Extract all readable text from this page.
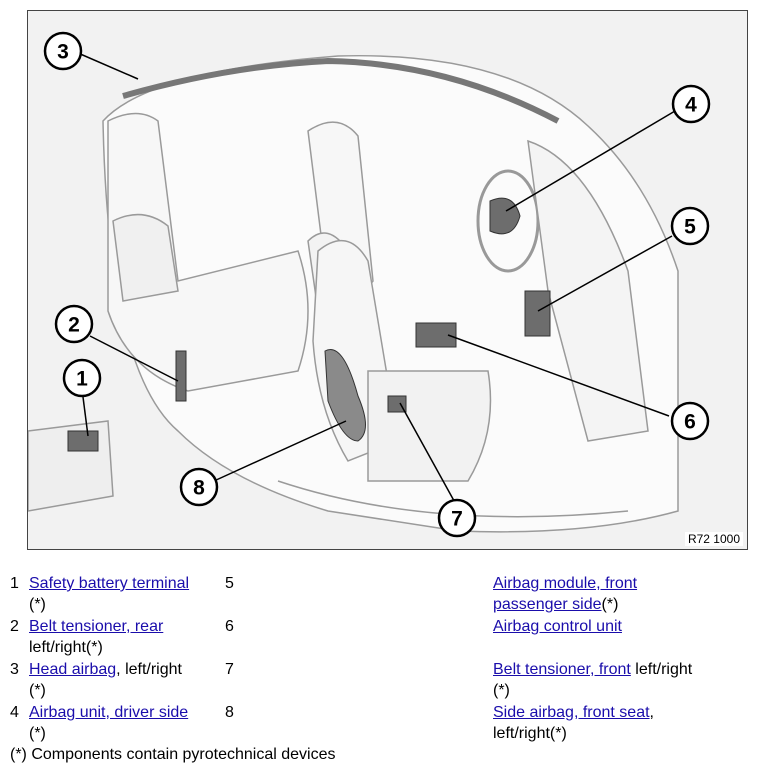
1
2
3
4
5
6
7
8
R72 1000
1 Safety battery terminal
(*)
5	Airbag module, front
passenger side(*)
2 Belt tensioner, rear
left/right(*)
6	Airbag control unit
3 Head airbag, left/right
(*)
7	Belt tensioner, front left/right
(*)
4 Airbag unit, driver side
(*)
8	Side airbag, front seat,
left/right(*)
(*) Components contain pyrotechnical devices
